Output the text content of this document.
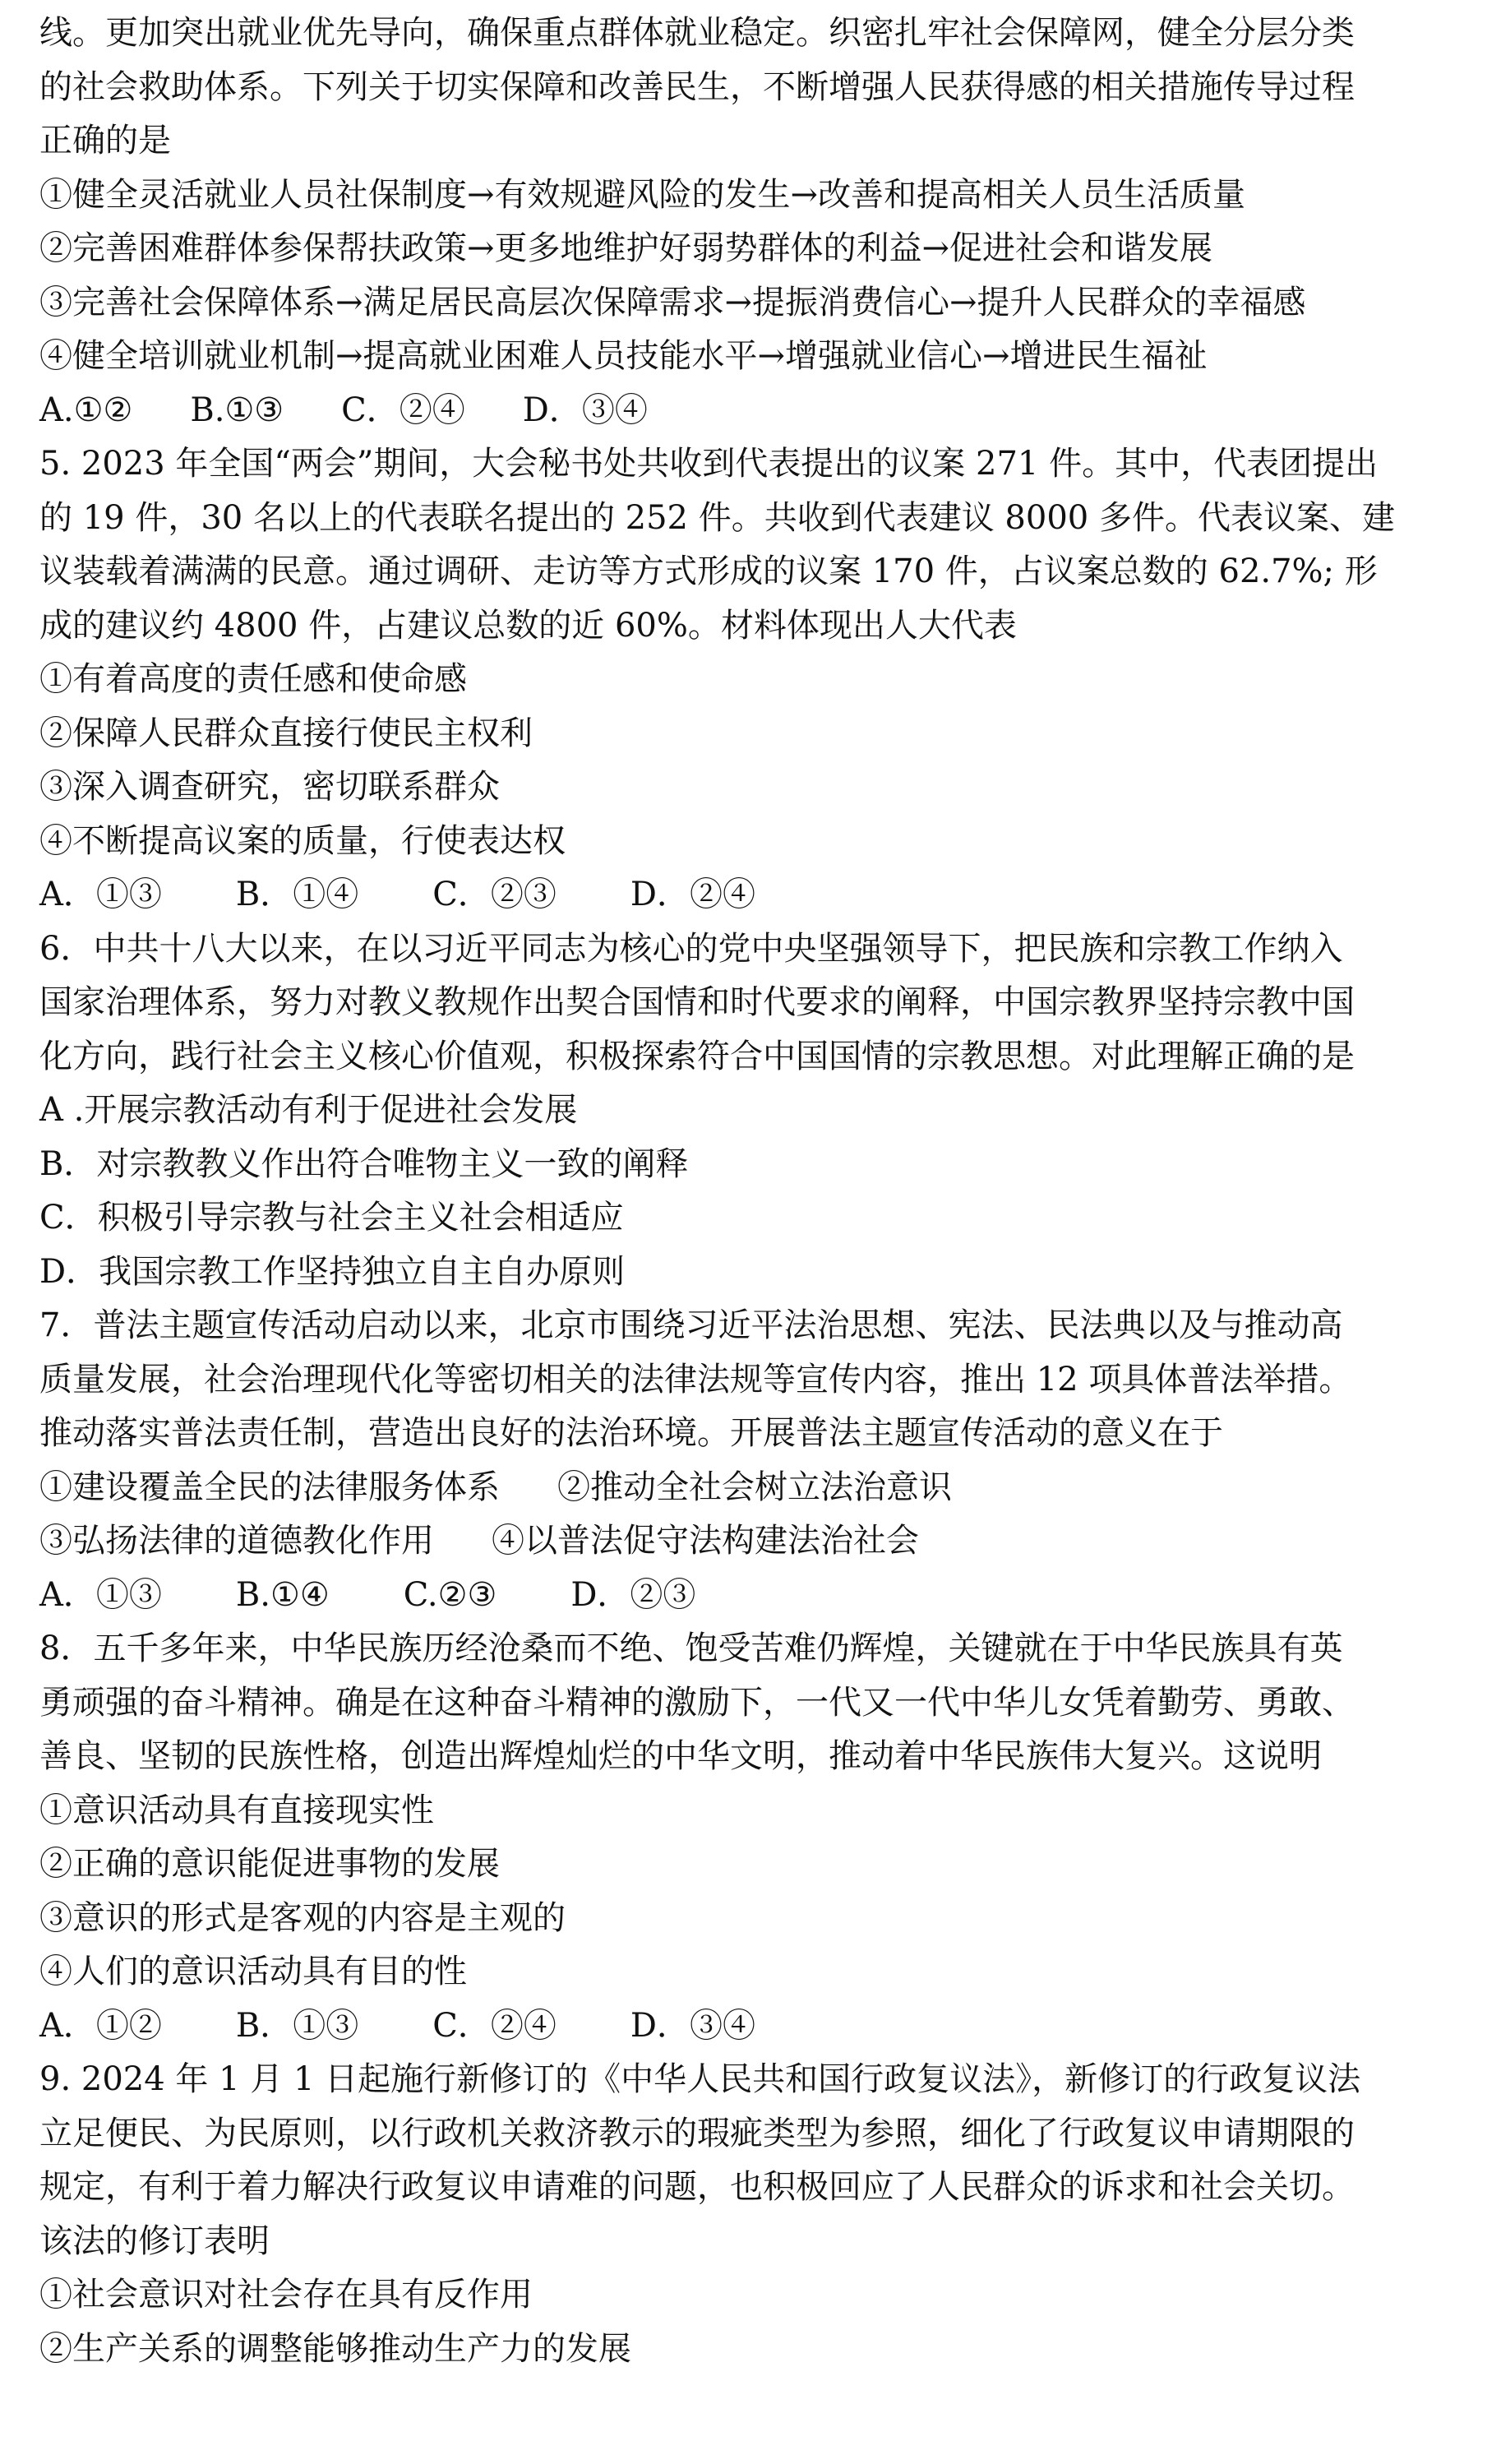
线。更加突出就业优先导向，确保重点群体就业稳定。织密扎牢社会保障网，健全分层分类
的社会救助体系。下列关于切实保障和改善民生，不断增强人民获得感的相关措施传导过程
正确的是
①健全灵活就业人员社保制度→有效规避风险的发生→改善和提高相关人员生活质量
②完善困难群体参保帮扶政策→更多地维护好弱势群体的利益→促进社会和谐发展
③完善社会保障体系→满足居民高层次保障需求→提振消费信心→提升人民群众的幸福感
④健全培训就业机制→提高就业困难人员技能水平→增强就业信心→增进民生福祉
A.①② B.①③ C．②④ D．③④
5. 2023 年全国“两会”期间，大会秘书处共收到代表提出的议案 271 件。其中，代表团提出
的 19 件，30 名以上的代表联名提出的 252 件。共收到代表建议 8000 多件。代表议案、建
议装载着满满的民意。通过调研、走访等方式形成的议案 170 件，占议案总数的 62.7%; 形
成的建议约 4800 件，占建议总数的近 60%。材料体现出人大代表
①有着高度的责任感和使命感
②保障人民群众直接行使民主权利
③深入调查研究，密切联系群众
④不断提高议案的质量，行使表达权
A．①③ B．①④ C．②③ D．②④
6．中共十八大以来，在以习近平同志为核心的党中央坚强领导下，把民族和宗教工作纳入
国家治理体系，努力对教义教规作出契合国情和时代要求的阐释，中国宗教界坚持宗教中国
化方向，践行社会主义核心价值观，积极探索符合中国国情的宗教思想。对此理解正确的是
A .开展宗教活动有利于促进社会发展
B．对宗教教义作出符合唯物主义一致的阐释
C．积极引导宗教与社会主义社会相适应
D．我国宗教工作坚持独立自主自办原则
7．普法主题宣传活动启动以来，北京市围绕习近平法治思想、宪法、民法典以及与推动高
质量发展，社会治理现代化等密切相关的法律法规等宣传内容，推出 12 项具体普法举措。
推动落实普法责任制，营造出良好的法治环境。开展普法主题宣传活动的意义在于
①建设覆盖全民的法律服务体系 ②推动全社会树立法治意识
③弘扬法律的道德教化作用 ④以普法促守法构建法治社会
A．①③ B.①④ C.②③ D．②③
8．五千多年来，中华民族历经沧桑而不绝、饱受苦难仍辉煌，关键就在于中华民族具有英
勇顽强的奋斗精神。确是在这种奋斗精神的激励下，一代又一代中华儿女凭着勤劳、勇敢、
善良、坚韧的民族性格，创造出辉煌灿烂的中华文明，推动着中华民族伟大复兴。这说明
①意识活动具有直接现实性
②正确的意识能促进事物的发展
③意识的形式是客观的内容是主观的
④人们的意识活动具有目的性
A．①② B．①③ C．②④ D．③④
9. 2024 年 1 月 1 日起施行新修订的《中华人民共和国行政复议法》，新修订的行政复议法
立足便民、为民原则，以行政机关救济教示的瑕疵类型为参照，细化了行政复议申请期限的
规定，有利于着力解决行政复议申请难的问题，也积极回应了人民群众的诉求和社会关切。
该法的修订表明
①社会意识对社会存在具有反作用
②生产关系的调整能够推动生产力的发展
